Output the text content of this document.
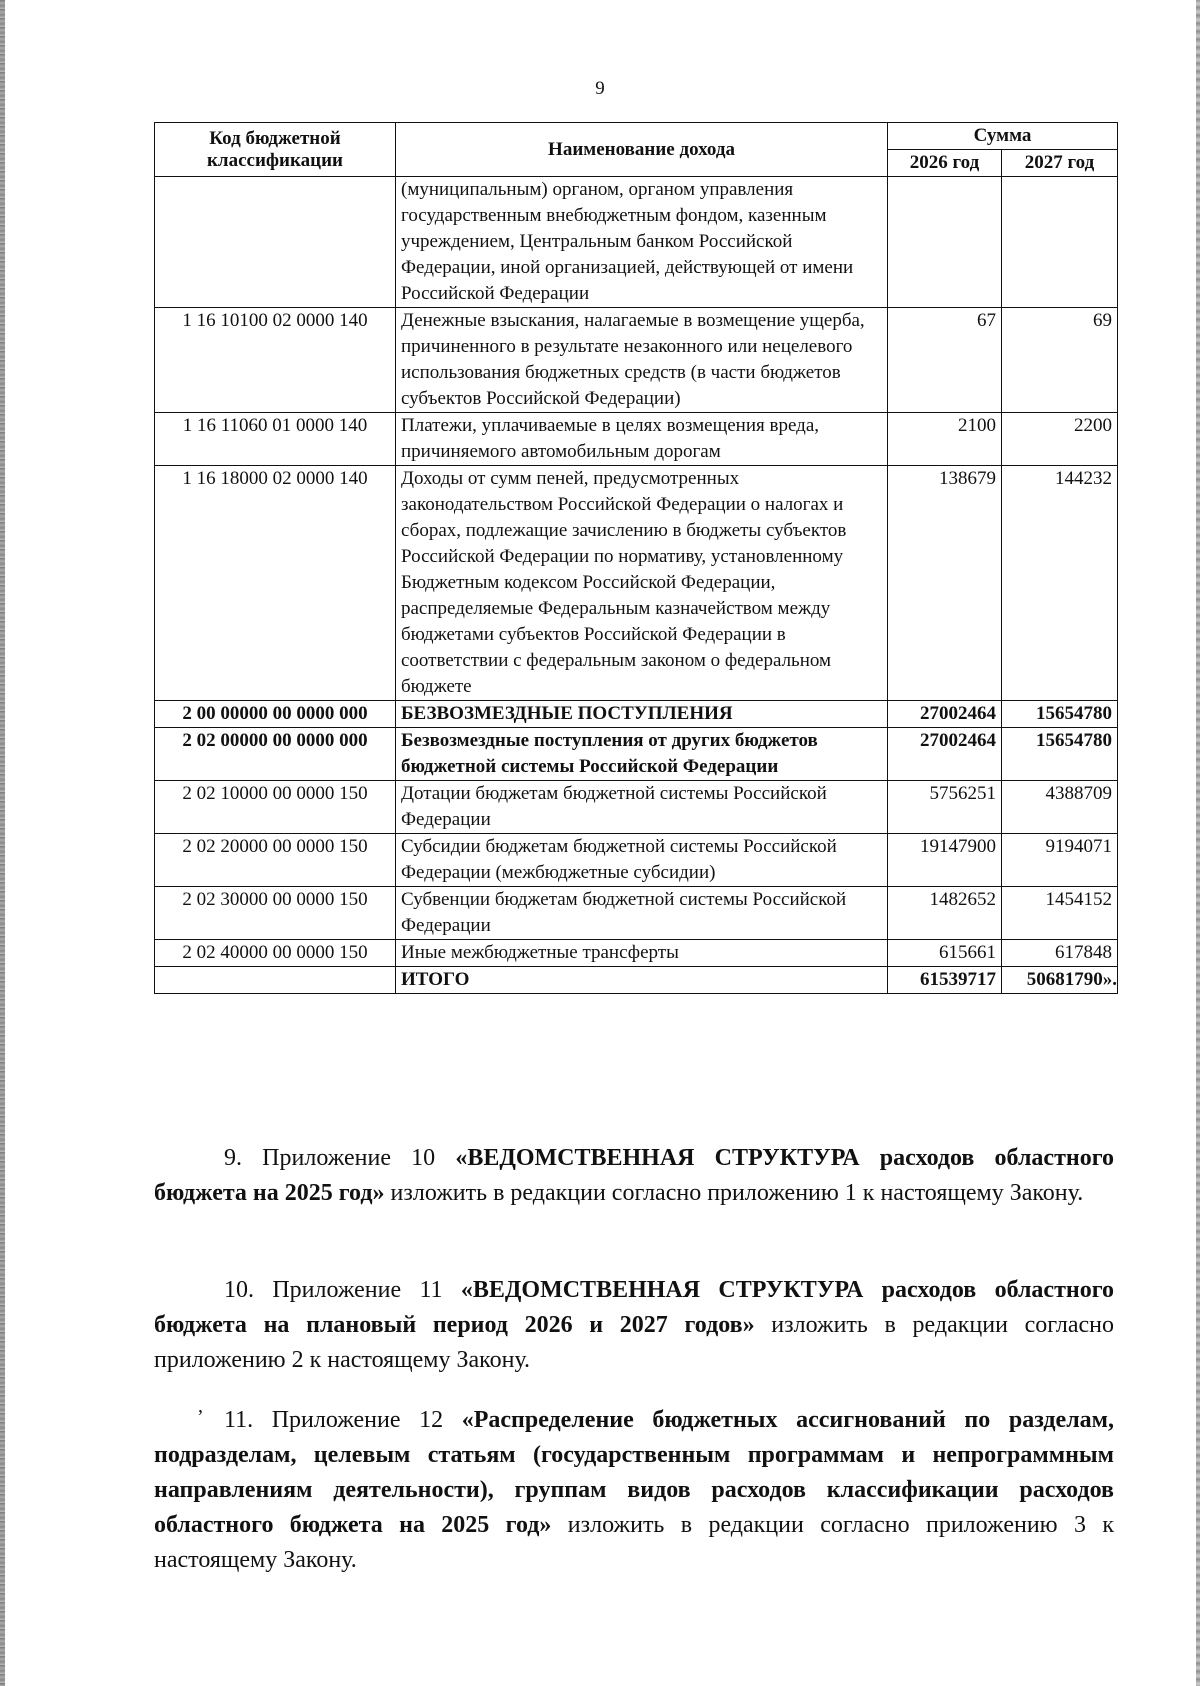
9
Код бюджетной классификации	Наименование дохода	Сумма	
		2026 год	2027 год
	(муниципальным) органом, органом управления государственным внебюджетным фондом, казенным учреждением, Центральным банком Российской Федерации, иной организацией, действующей от имени Российской Федерации		
1 16 10100 02 0000 140	Денежные взыскания, налагаемые в возмещение ущерба, причиненного в результате незаконного или нецелевого использования бюджетных средств (в части бюджетов субъектов Российской Федерации)	67	69
1 16 11060 01 0000 140	Платежи, уплачиваемые в целях возмещения вреда, причиняемого автомобильным дорогам	2100	2200
1 16 18000 02 0000 140	Доходы от сумм пеней, предусмотренных законодательством Российской Федерации о налогах и сборах, подлежащие зачислению в бюджеты субъектов Российской Федерации по нормативу, установленному Бюджетным кодексом Российской Федерации, распределяемые Федеральным казначейством между бюджетами субъектов Российской Федерации в соответствии с федеральным законом о федеральном бюджете	138679	144232
2 00 00000 00 0000 000	БЕЗВОЗМЕЗДНЫЕ ПОСТУПЛЕНИЯ	27002464	15654780
2 02 00000 00 0000 000	Безвозмездные поступления от других бюджетов бюджетной системы Российской Федерации	27002464	15654780
2 02 10000 00 0000 150	Дотации бюджетам бюджетной системы Российской Федерации	5756251	4388709
2 02 20000 00 0000 150	Субсидии бюджетам бюджетной системы Российской Федерации (межбюджетные субсидии)	19147900	9194071
2 02 30000 00 0000 150	Субвенции бюджетам бюджетной системы Российской Федерации	1482652	1454152
2 02 40000 00 0000 150	Иные межбюджетные трансферты	615661	617848
	ИТОГО	61539717	50681790».
9. Приложение 10 «ВЕДОМСТВЕННАЯ СТРУКТУРА расходов областного бюджета на 2025 год» изложить в редакции согласно приложению 1 к настоящему Закону.
10. Приложение 11 «ВЕДОМСТВЕННАЯ СТРУКТУРА расходов областного бюджета на плановый период 2026 и 2027 годов» изложить в редакции согласно приложению 2 к настоящему Закону.
,
11. Приложение 12 «Распределение бюджетных ассигнований по разделам, подразделам, целевым статьям (государственным программам и непрограммным направлениям деятельности), группам видов расходов классификации расходов областного бюджета на 2025 год» изложить в редакции согласно приложению 3 к настоящему Закону.
